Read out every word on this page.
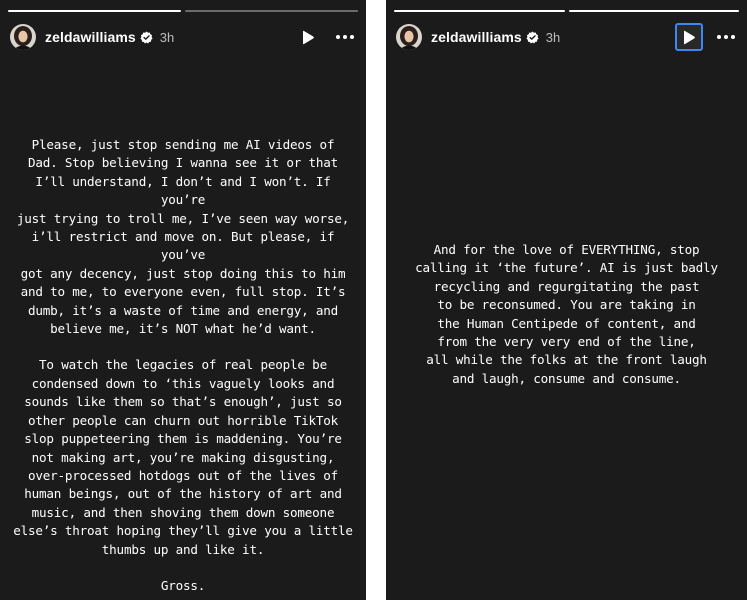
zeldawilliams 3h

Please, just stop sending me AI videos of
Dad. Stop believing I wanna see it or that
I’ll understand, I don’t and I won’t. If you’re
just trying to troll me, I’ve seen way worse,
i’ll restrict and move on. But please, if you’ve
got any decency, just stop doing this to him
and to me, to everyone even, full stop. It’s
dumb, it’s a waste of time and energy, and
believe me, it’s NOT what he’d want.

To watch the legacies of real people be
condensed down to ‘this vaguely looks and
sounds like them so that’s enough’, just so
other people can churn out horrible TikTok
slop puppeteering them is maddening. You’re
not making art, you’re making disgusting,
over-processed hotdogs out of the lives of
human beings, out of the history of art and
music, and then shoving them down someone
else’s throat hoping they’ll give you a little
thumbs up and like it.

Gross.

zeldawilliams 3h

And for the love of EVERYTHING, stop
calling it ‘the future’. AI is just badly
recycling and regurgitating the past
to be reconsumed. You are taking in
the Human Centipede of content, and
from the very very end of the line,
all while the folks at the front laugh
and laugh, consume and consume.
